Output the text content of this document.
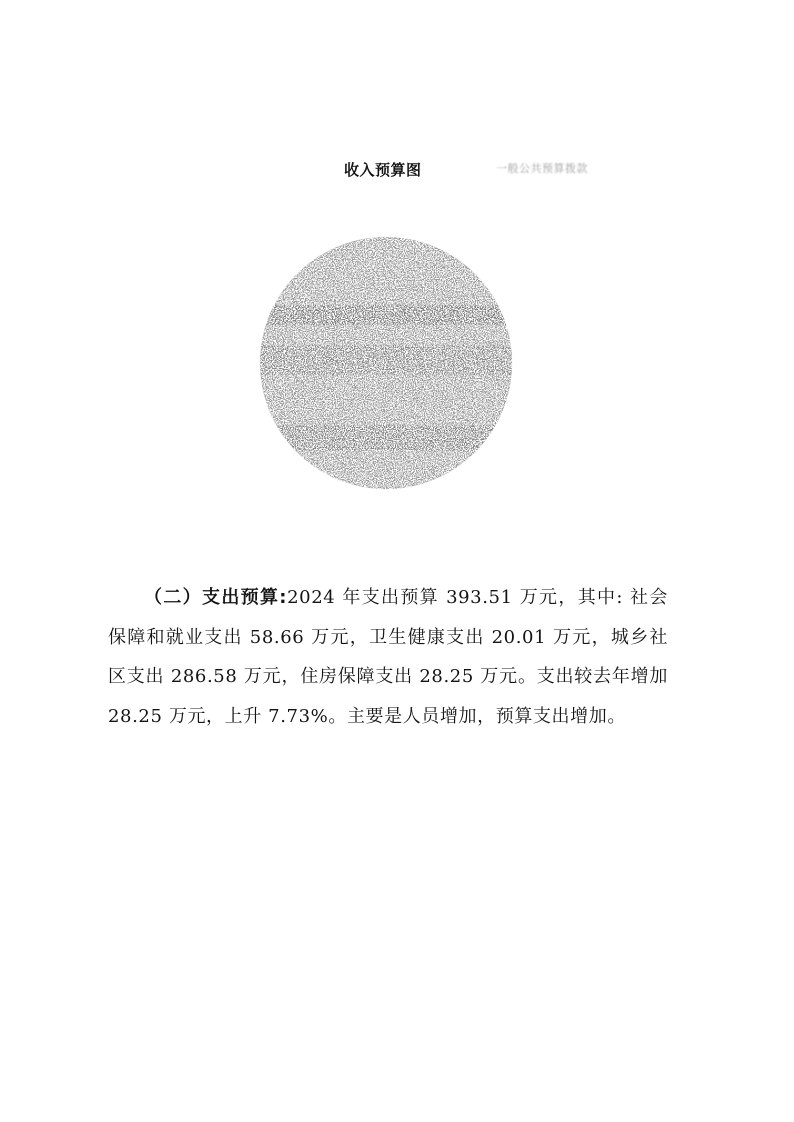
收入预算图	一般公共预算拨款
（二）支出预算:2024 年支出预算 393.51 万元，其中: 社会保障和就业支出 58.66 万元，卫生健康支出 20.01 万元，城乡社区支出 286.58 万元，住房保障支出 28.25 万元。支出较去年增加 28.25 万元，上升 7.73%。主要是人员增加，预算支出增加。
